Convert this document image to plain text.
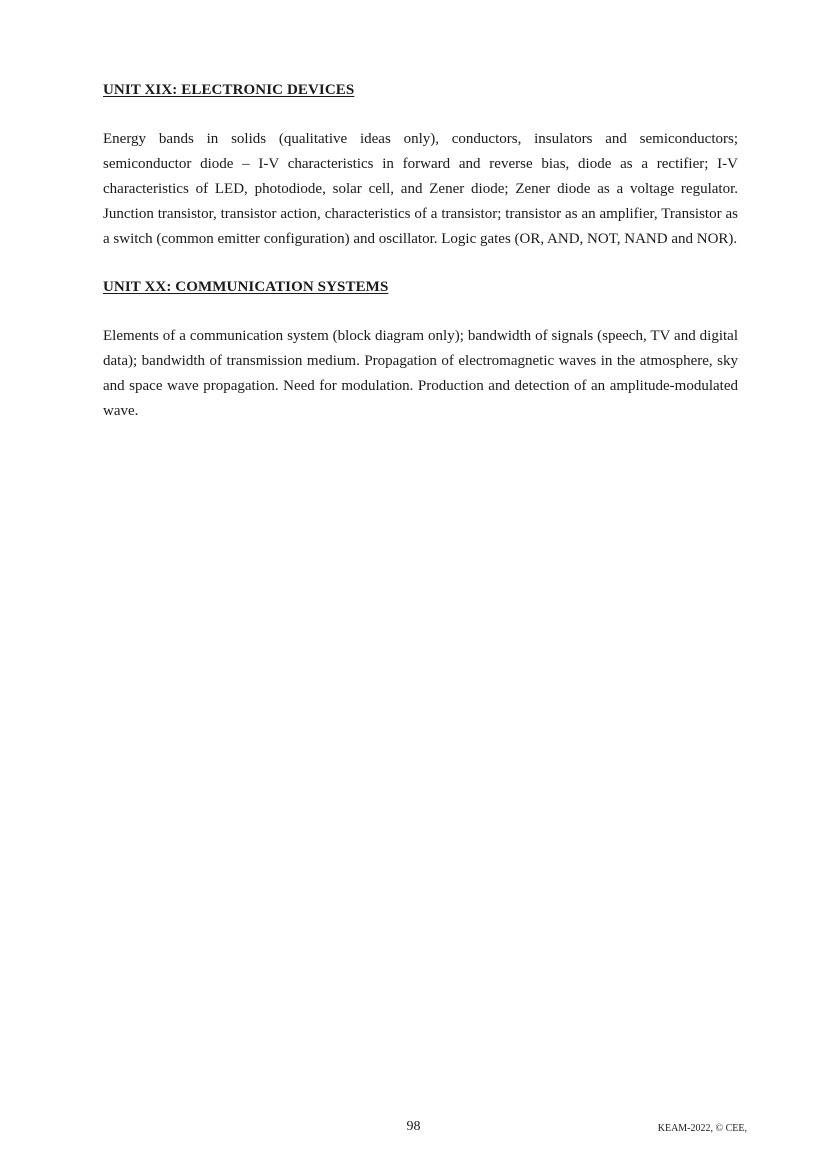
UNIT XIX: ELECTRONIC DEVICES

Energy bands in solids (qualitative ideas only), conductors, insulators and semiconductors; semiconductor diode – I-V characteristics in forward and reverse bias, diode as a rectifier; I-V characteristics of LED, photodiode, solar cell, and Zener diode; Zener diode as a voltage regulator. Junction transistor, transistor action, characteristics of a transistor; transistor as an amplifier, Transistor as a switch (common emitter configuration) and oscillator. Logic gates (OR, AND, NOT, NAND and NOR).

UNIT XX: COMMUNICATION SYSTEMS

Elements of a communication system (block diagram only); bandwidth of signals (speech, TV and digital data); bandwidth of transmission medium. Propagation of electromagnetic waves in the atmosphere, sky and space wave propagation. Need for modulation. Production and detection of an amplitude-modulated wave.

98	KEAM-2022, © CEE,
